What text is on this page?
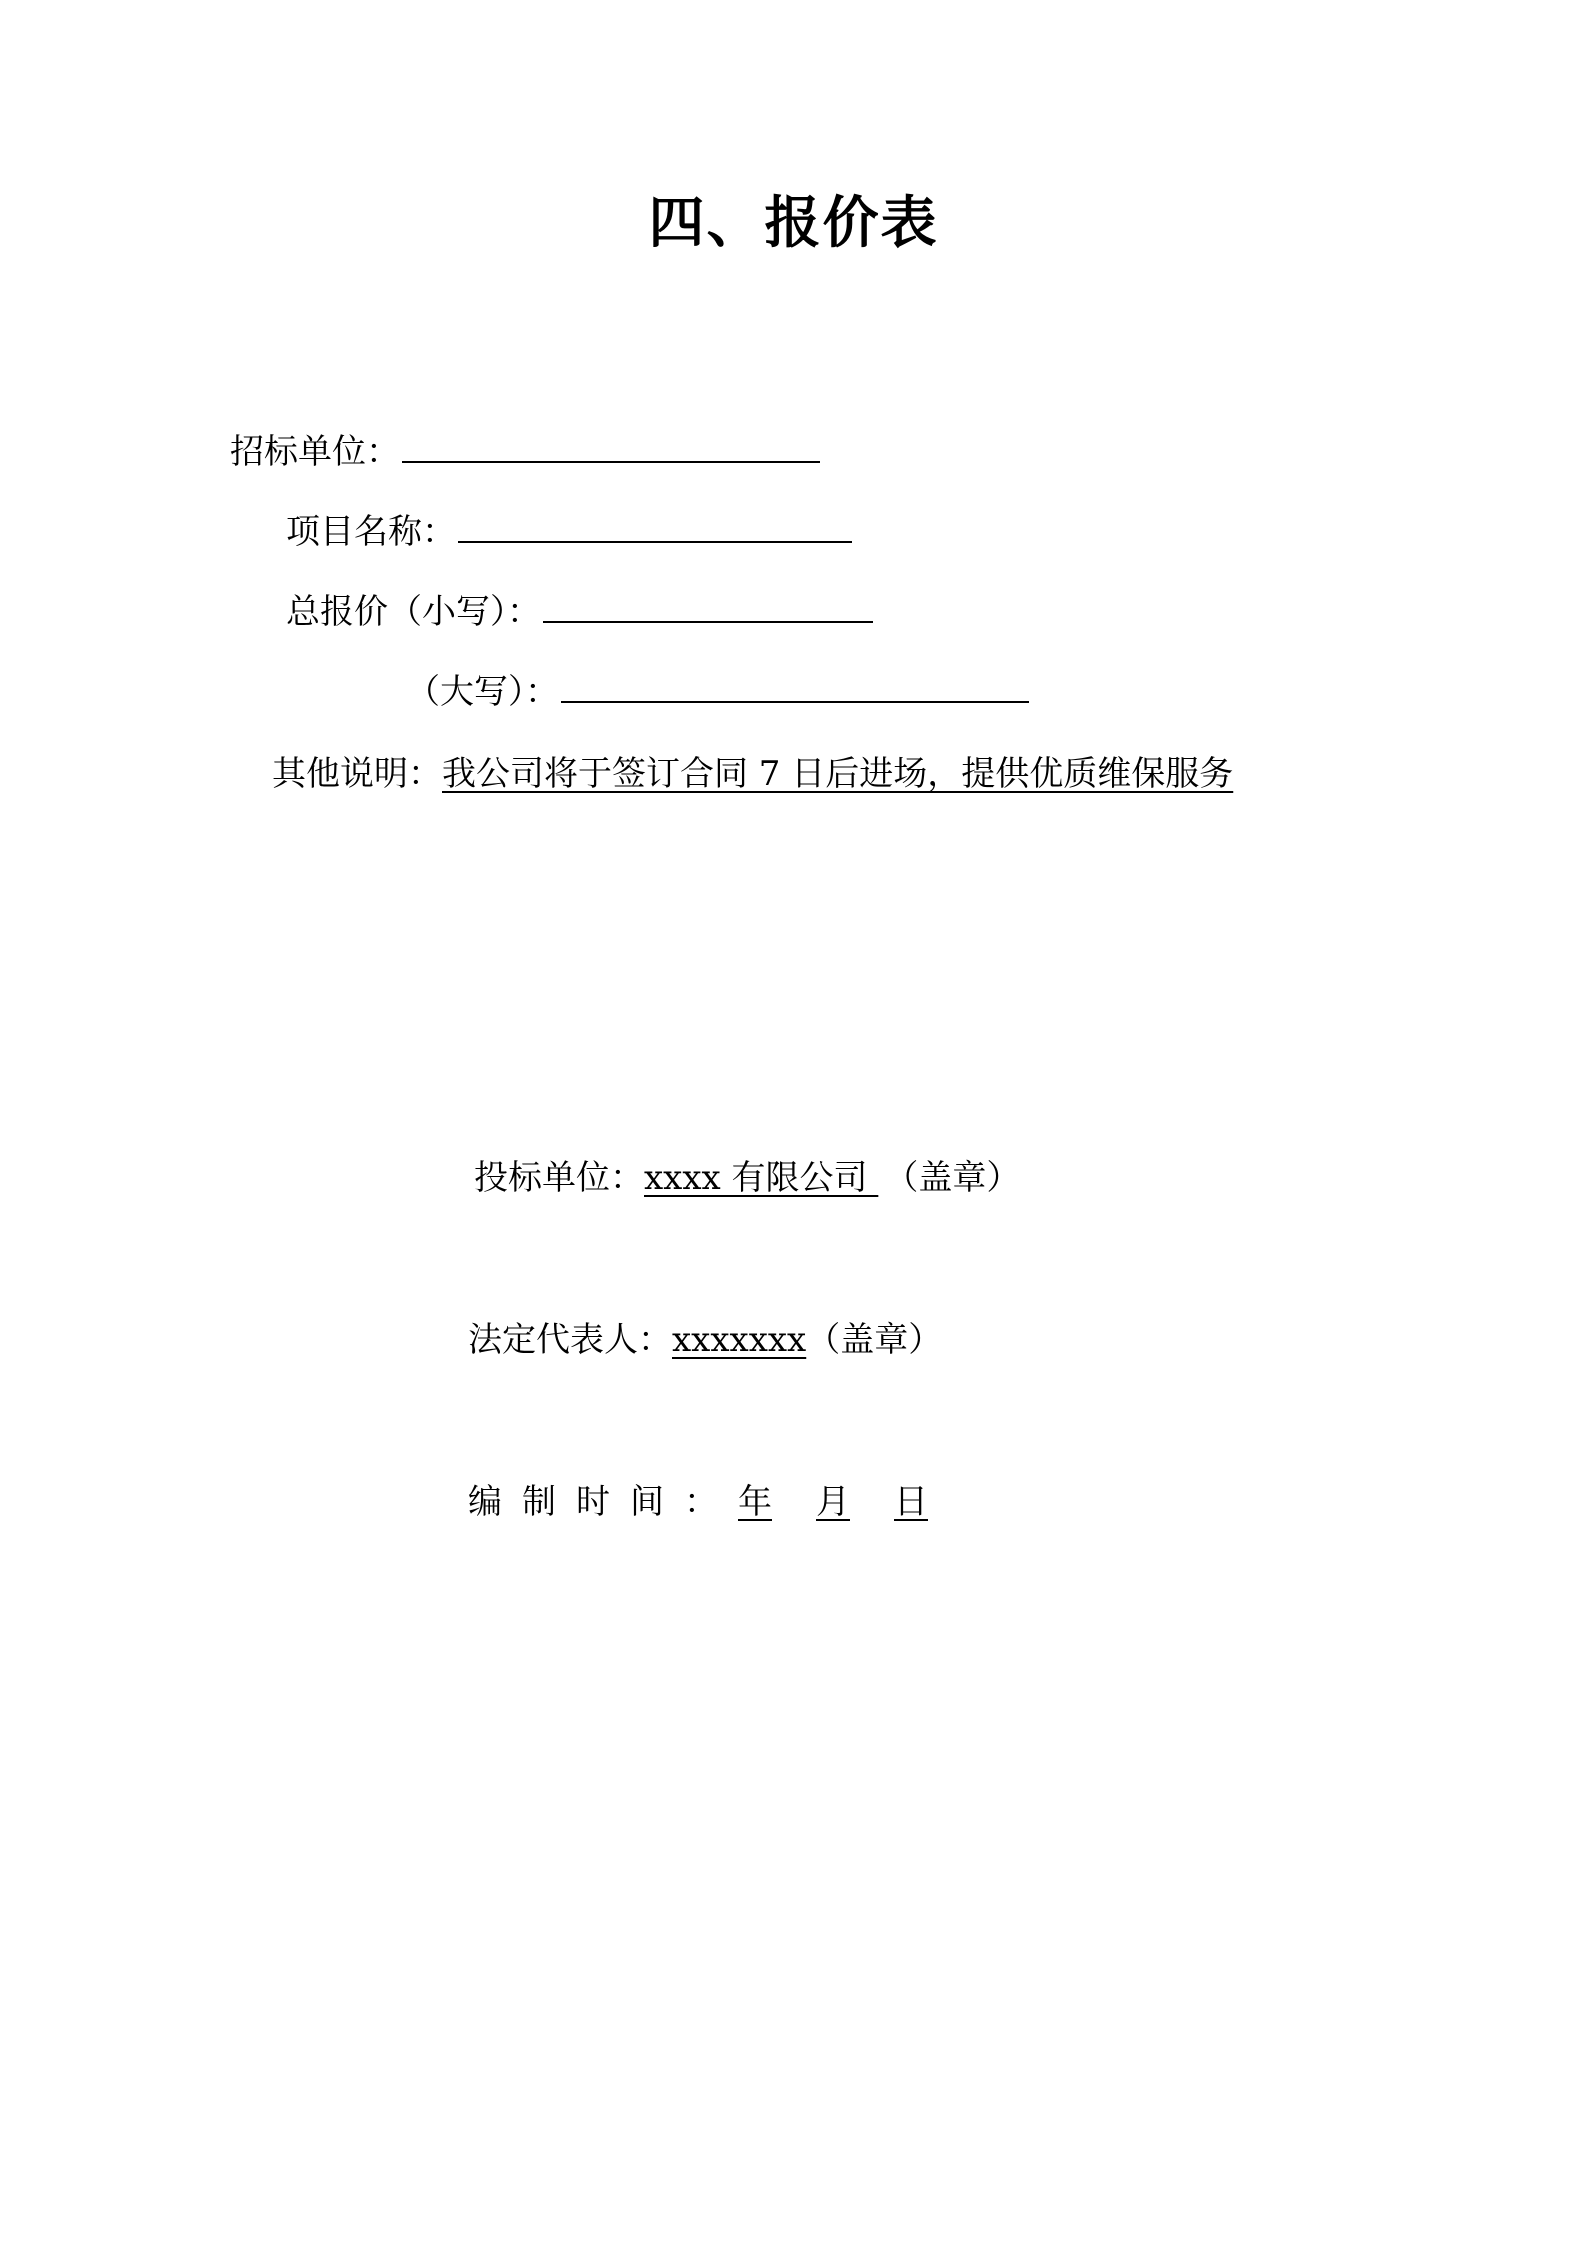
四、报价表
招标单位：
项目名称：
总报价（小写）：
（大写）：
其他说明：我公司将于签订合同 7 日后进场，提供优质维保服务
投标单位：xxxx 有限公司 （盖章）
法定代表人：xxxxxxx（盖章）
编制时间：年 月 日
